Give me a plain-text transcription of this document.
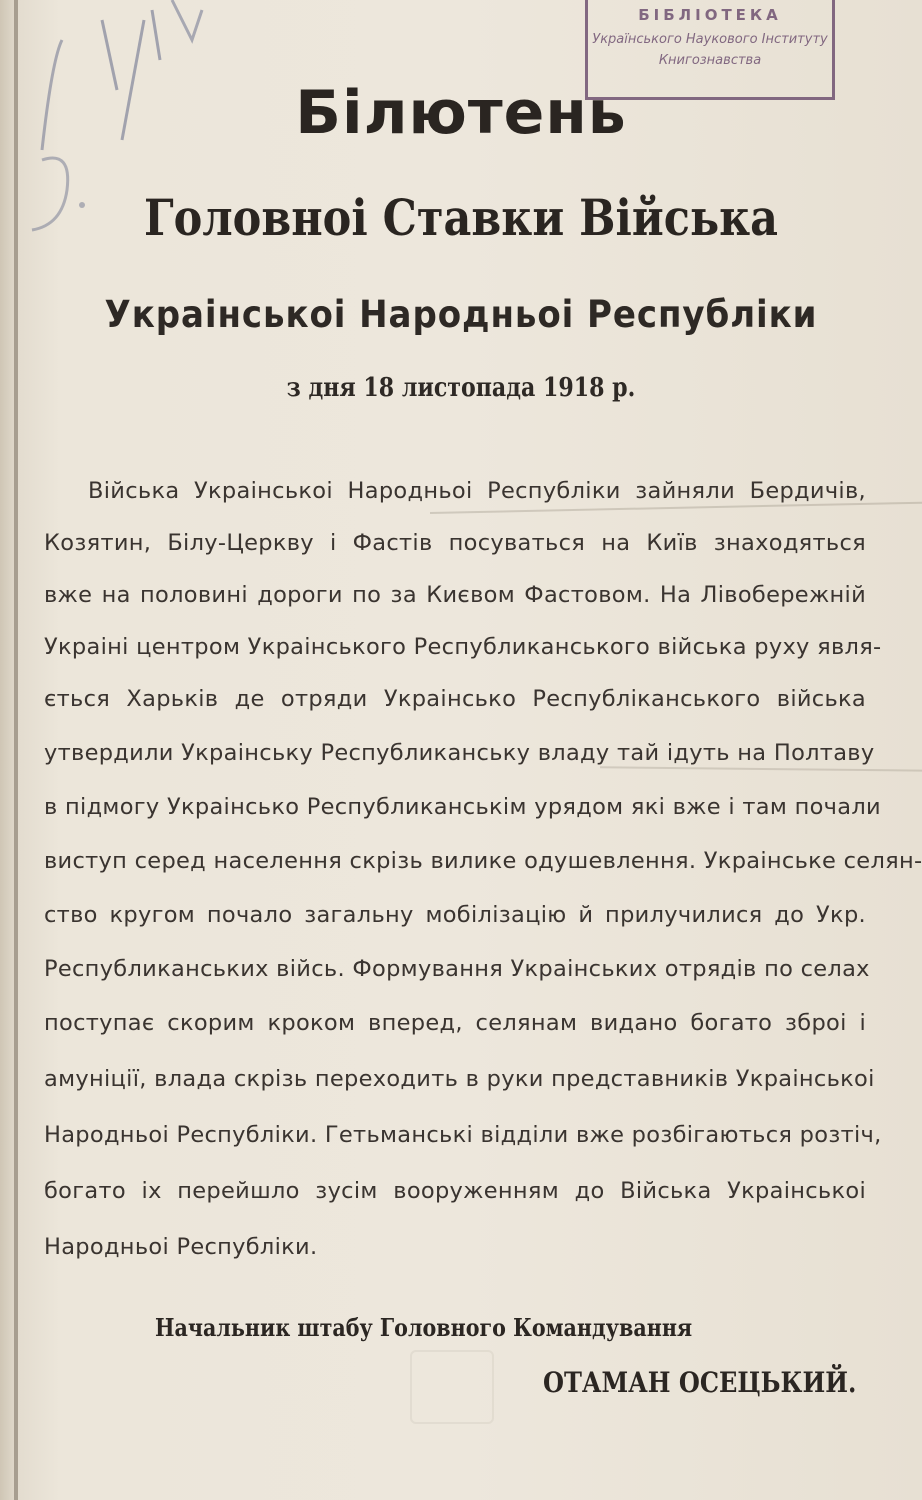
БІБЛІОТЕКА
Українського Наукового Інституту
Книгознавства
Білютень
Головноі Ставки Війська
Украінськоі Народньоі Республіки
з дня 18 листопада 1918 р.
Війська Украінськоі Народньоі Республіки зайняли Бердичів,
Козятин, Білу-Церкву і Фастів посуваться на Київ знаходяться
вже на половині дороги по за Києвом Фастовом. На Лівобережній
Украіні центром Украінського Республиканського війська руху явля-
ється Харьків де отряди Украінсько Республіканського війська
утвердили Украінську Республиканську владу тай ідуть на Полтаву
в підмогу Украінсько Республиканськім урядом які вже і там почали
виступ серед населення скрізь вилике одушевлення. Украінське селян-
ство кругом почало загальну мобілізацію й прилучилися до Укр.
Республиканських війсь. Формування Украінських отрядів по селах
поступає скорим кроком вперед, селянам видано богато зброі і
амуніції, влада скрізь переходить в руки представників Украінськоі
Народньоі Республіки. Гетьманські відділи вже розбігаються розтіч,
богато іх перейшло зусім вооруженням до Війська Украінськоі
Народньоі Республіки.
Начальник штабу Головного Командування
ОТАМАН ОСЕЦЬКИЙ.
